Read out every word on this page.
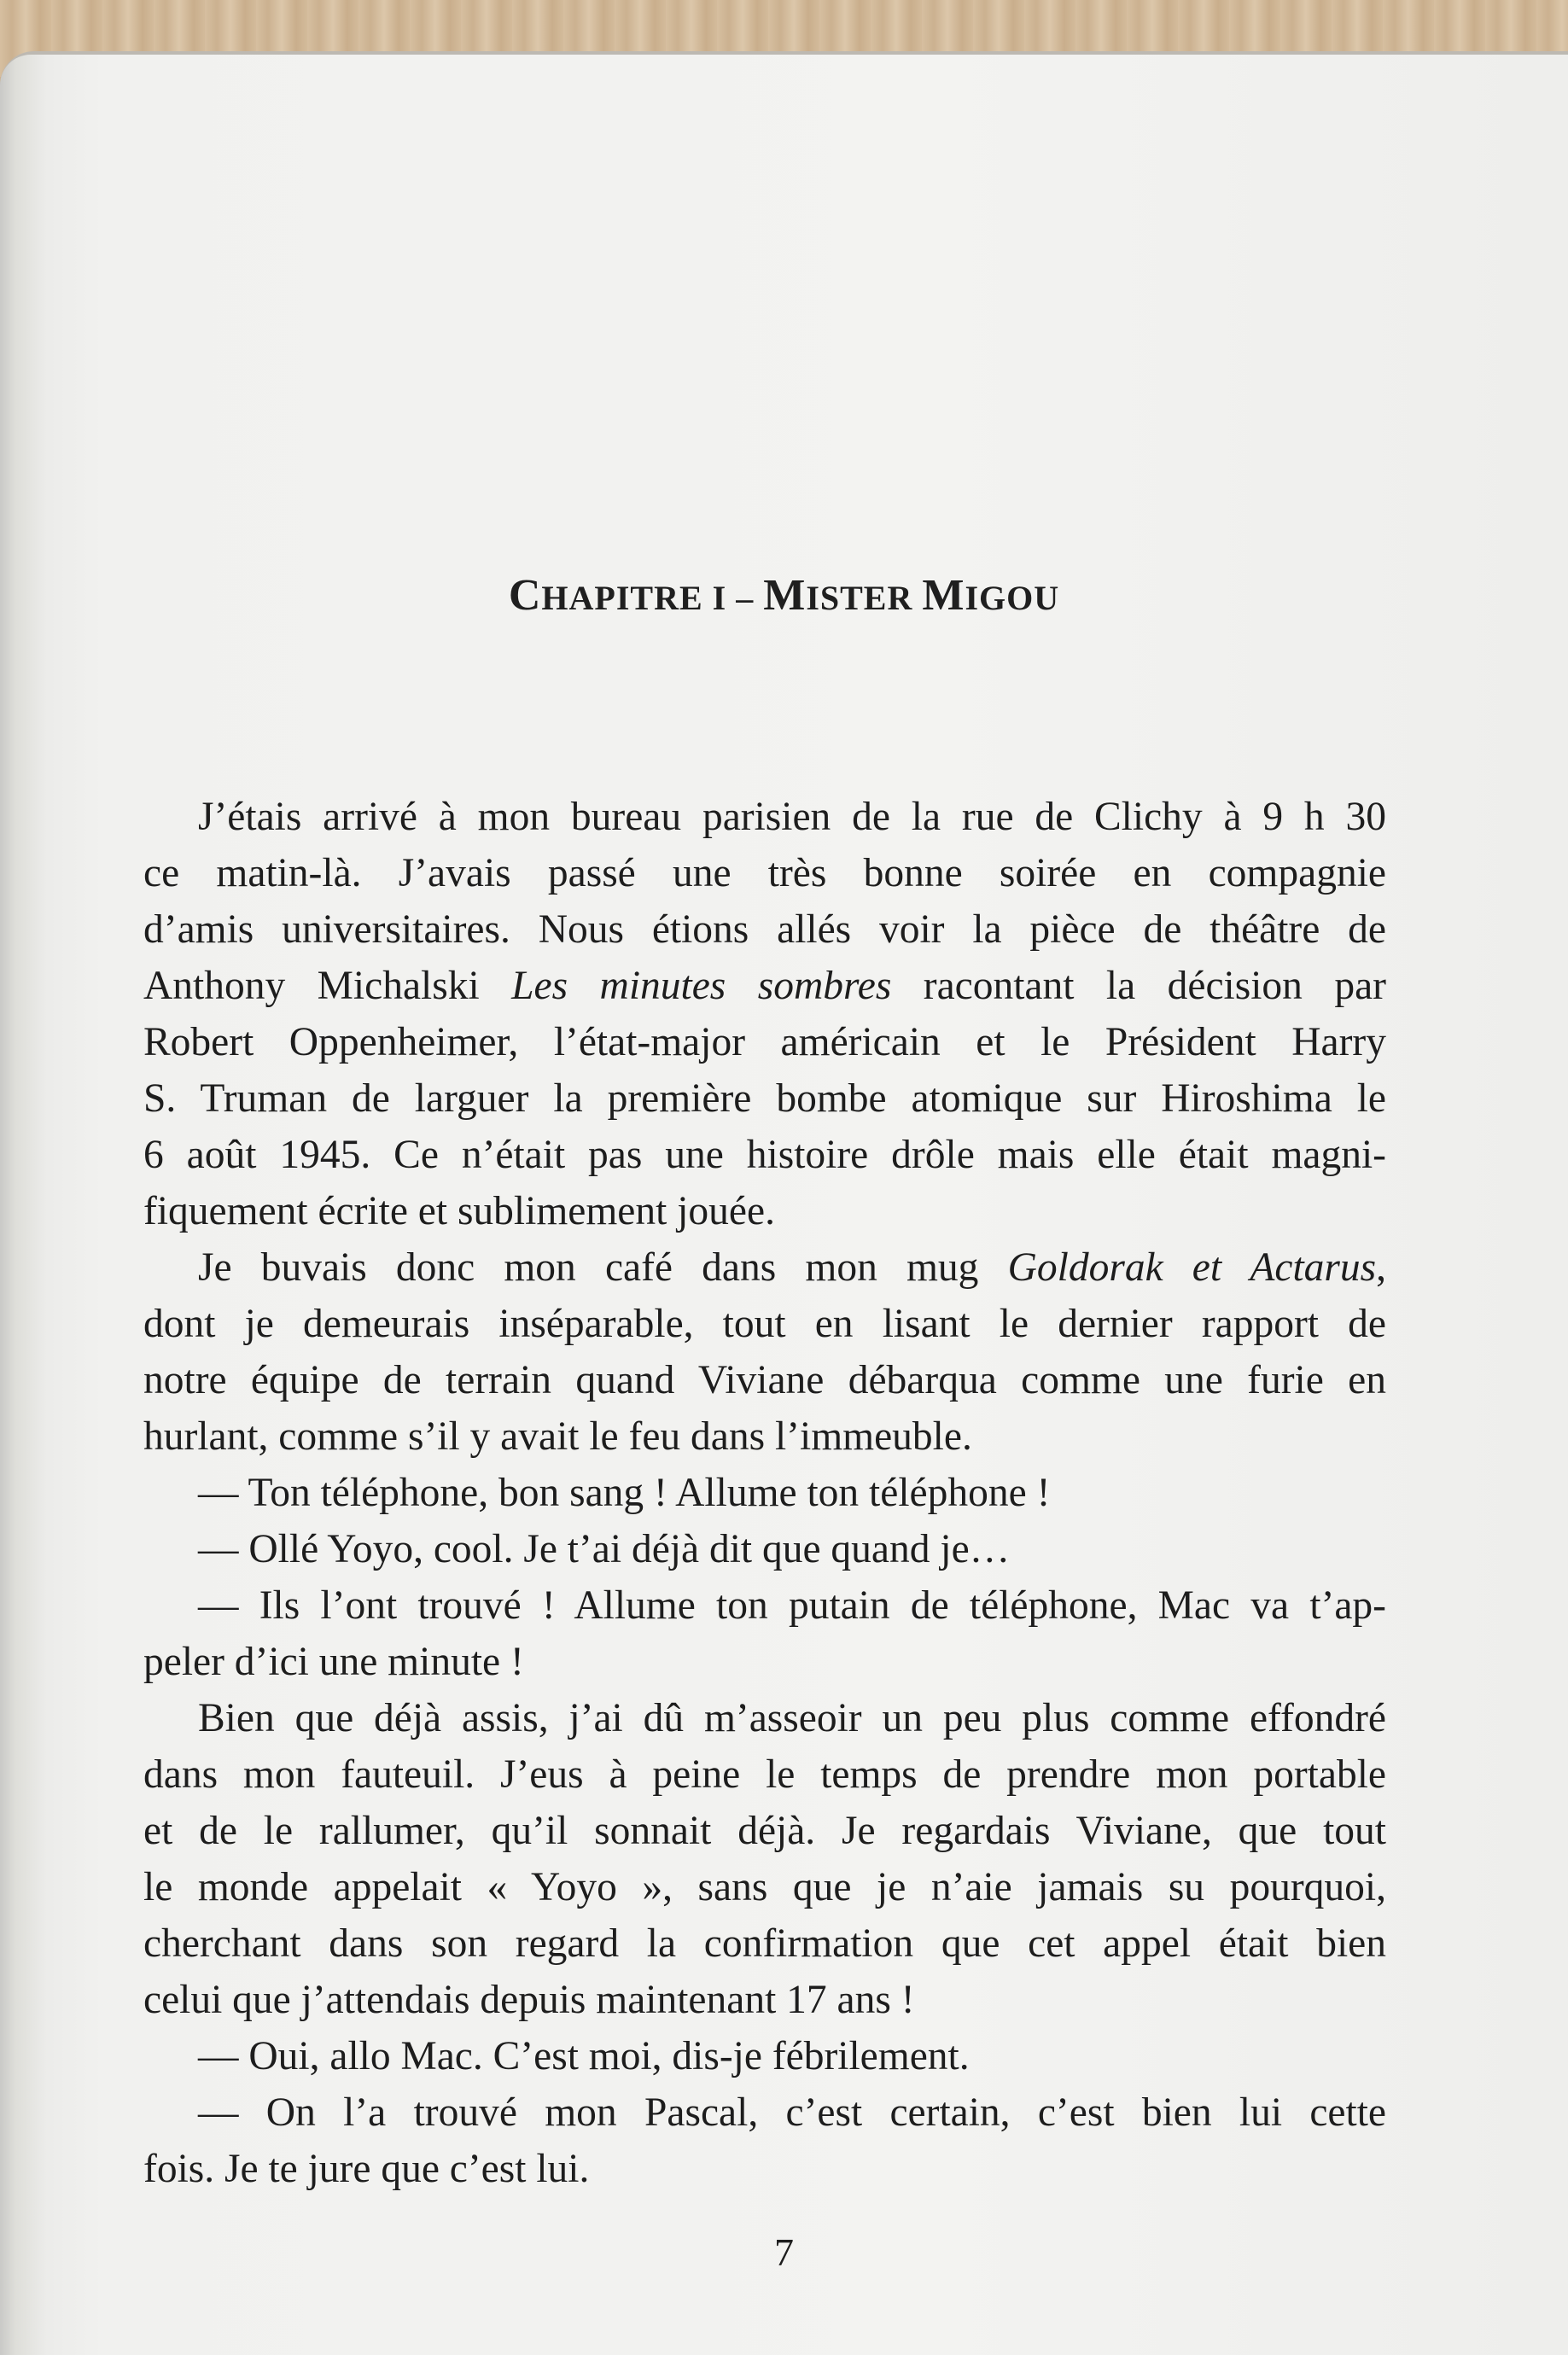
CHAPITRE I – MISTER MIGOU
J’étais arrivé à mon bureau parisien de la rue de Clichy à 9 h 30
ce matin-là. J’avais passé une très bonne soirée en compagnie
d’amis universitaires. Nous étions allés voir la pièce de théâtre de
Anthony Michalski Les minutes sombres racontant la décision par
Robert Oppenheimer, l’état-major américain et le Président Harry
S. Truman de larguer la première bombe atomique sur Hiroshima le
6 août 1945. Ce n’était pas une histoire drôle mais elle était magni-
fiquement écrite et sublimement jouée.
Je buvais donc mon café dans mon mug Goldorak et Actarus,
dont je demeurais inséparable, tout en lisant le dernier rapport de
notre équipe de terrain quand Viviane débarqua comme une furie en
hurlant, comme s’il y avait le feu dans l’immeuble.
— Ton téléphone, bon sang ! Allume ton téléphone !
— Ollé Yoyo, cool. Je t’ai déjà dit que quand je…
— Ils l’ont trouvé ! Allume ton putain de téléphone, Mac va t’ap-
peler d’ici une minute !
Bien que déjà assis, j’ai dû m’asseoir un peu plus comme effondré
dans mon fauteuil. J’eus à peine le temps de prendre mon portable
et de le rallumer, qu’il sonnait déjà. Je regardais Viviane, que tout
le monde appelait « Yoyo », sans que je n’aie jamais su pourquoi,
cherchant dans son regard la confirmation que cet appel était bien
celui que j’attendais depuis maintenant 17 ans !
— Oui, allo Mac. C’est moi, dis-je fébrilement.
— On l’a trouvé mon Pascal, c’est certain, c’est bien lui cette
fois. Je te jure que c’est lui.
7
